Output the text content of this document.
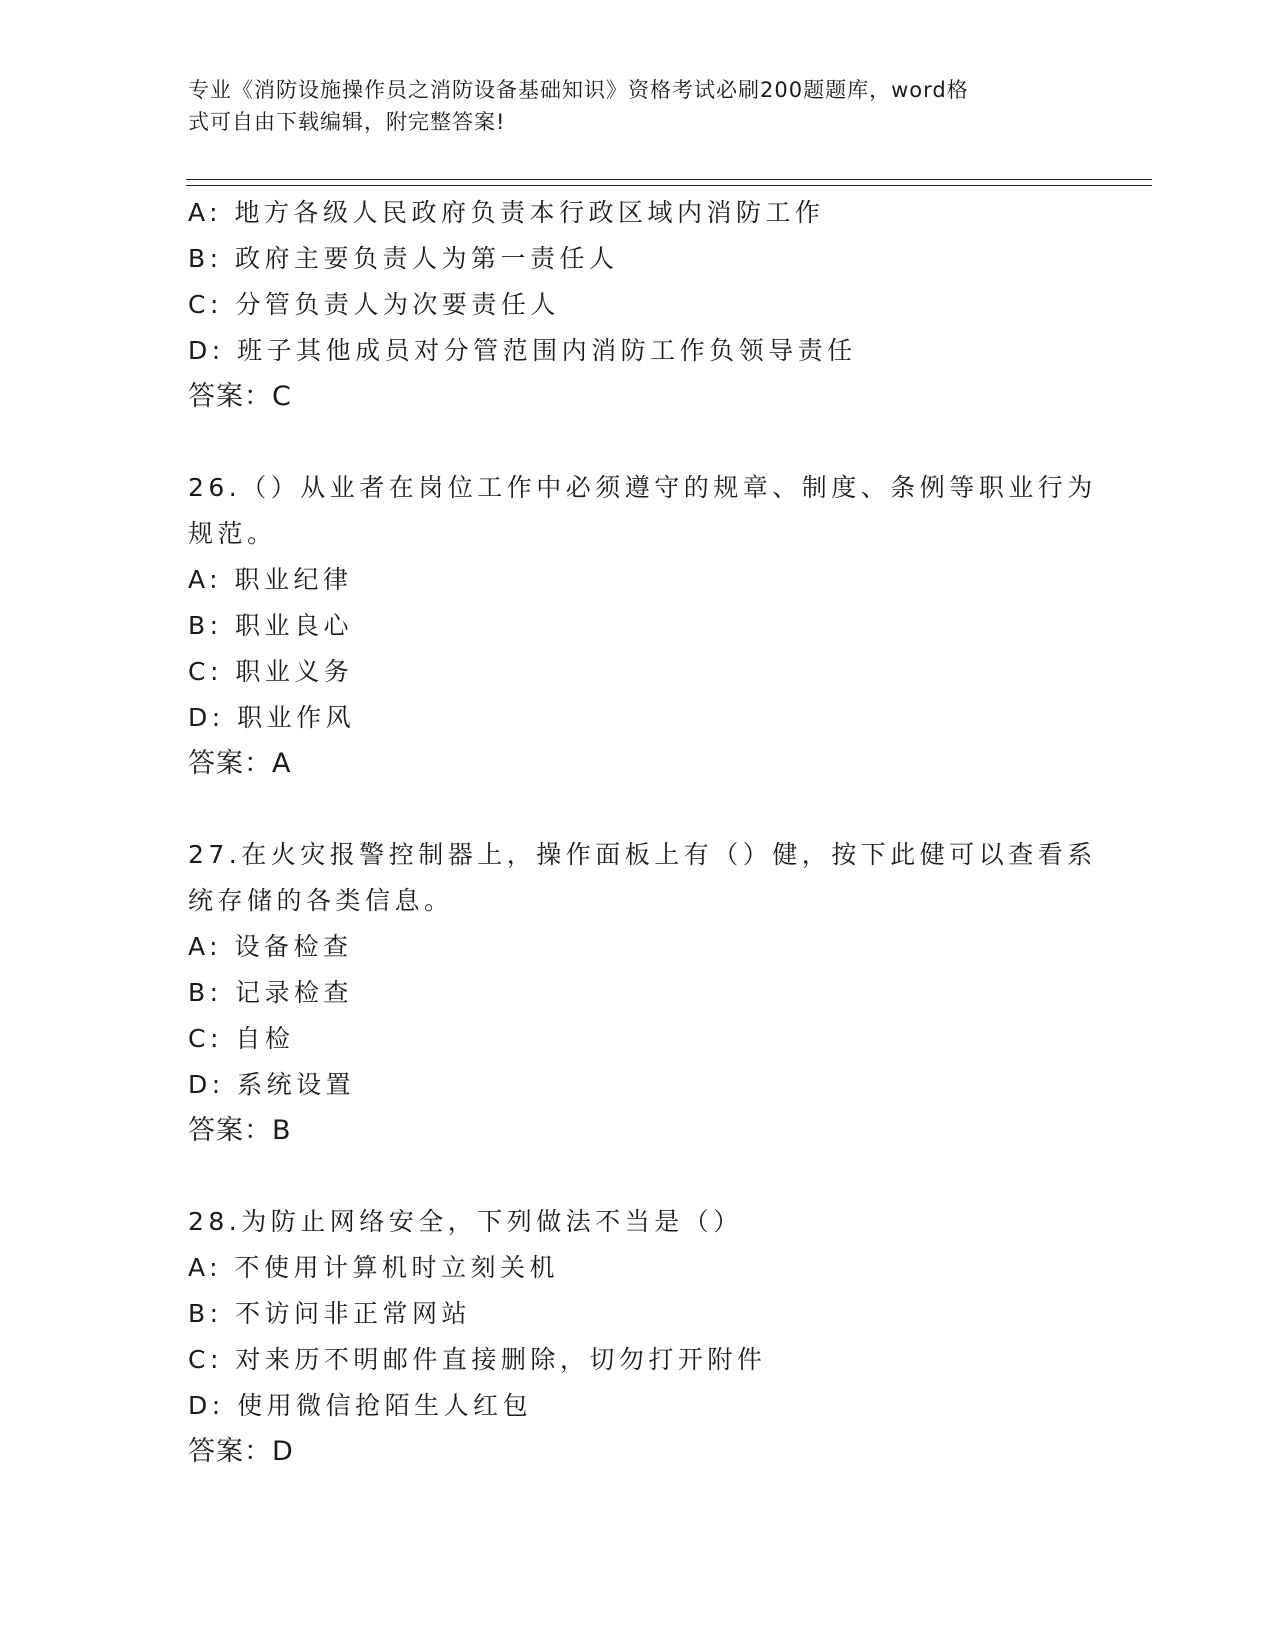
专业《消防设施操作员之消防设备基础知识》资格考试必刷200题题库，word格
式可自由下载编辑，附完整答案!
A: 地方各级人民政府负责本行政区域内消防工作
B: 政府主要负责人为第一责任人
C: 分管负责人为次要责任人
D: 班子其他成员对分管范围内消防工作负领导责任
答案：C
26.（）从业者在岗位工作中必须遵守的规章、制度、条例等职业行为
规范。
A: 职业纪律
B: 职业良心
C: 职业义务
D: 职业作风
答案：A
27.在火灾报警控制器上，操作面板上有（）健，按下此健可以查看系
统存储的各类信息。
A: 设备检查
B: 记录检查
C: 自检
D: 系统设置
答案：B
28.为防止网络安全，下列做法不当是（）
A: 不使用计算机时立刻关机
B: 不访问非正常网站
C: 对来历不明邮件直接删除，切勿打开附件
D: 使用微信抢陌生人红包
答案：D
